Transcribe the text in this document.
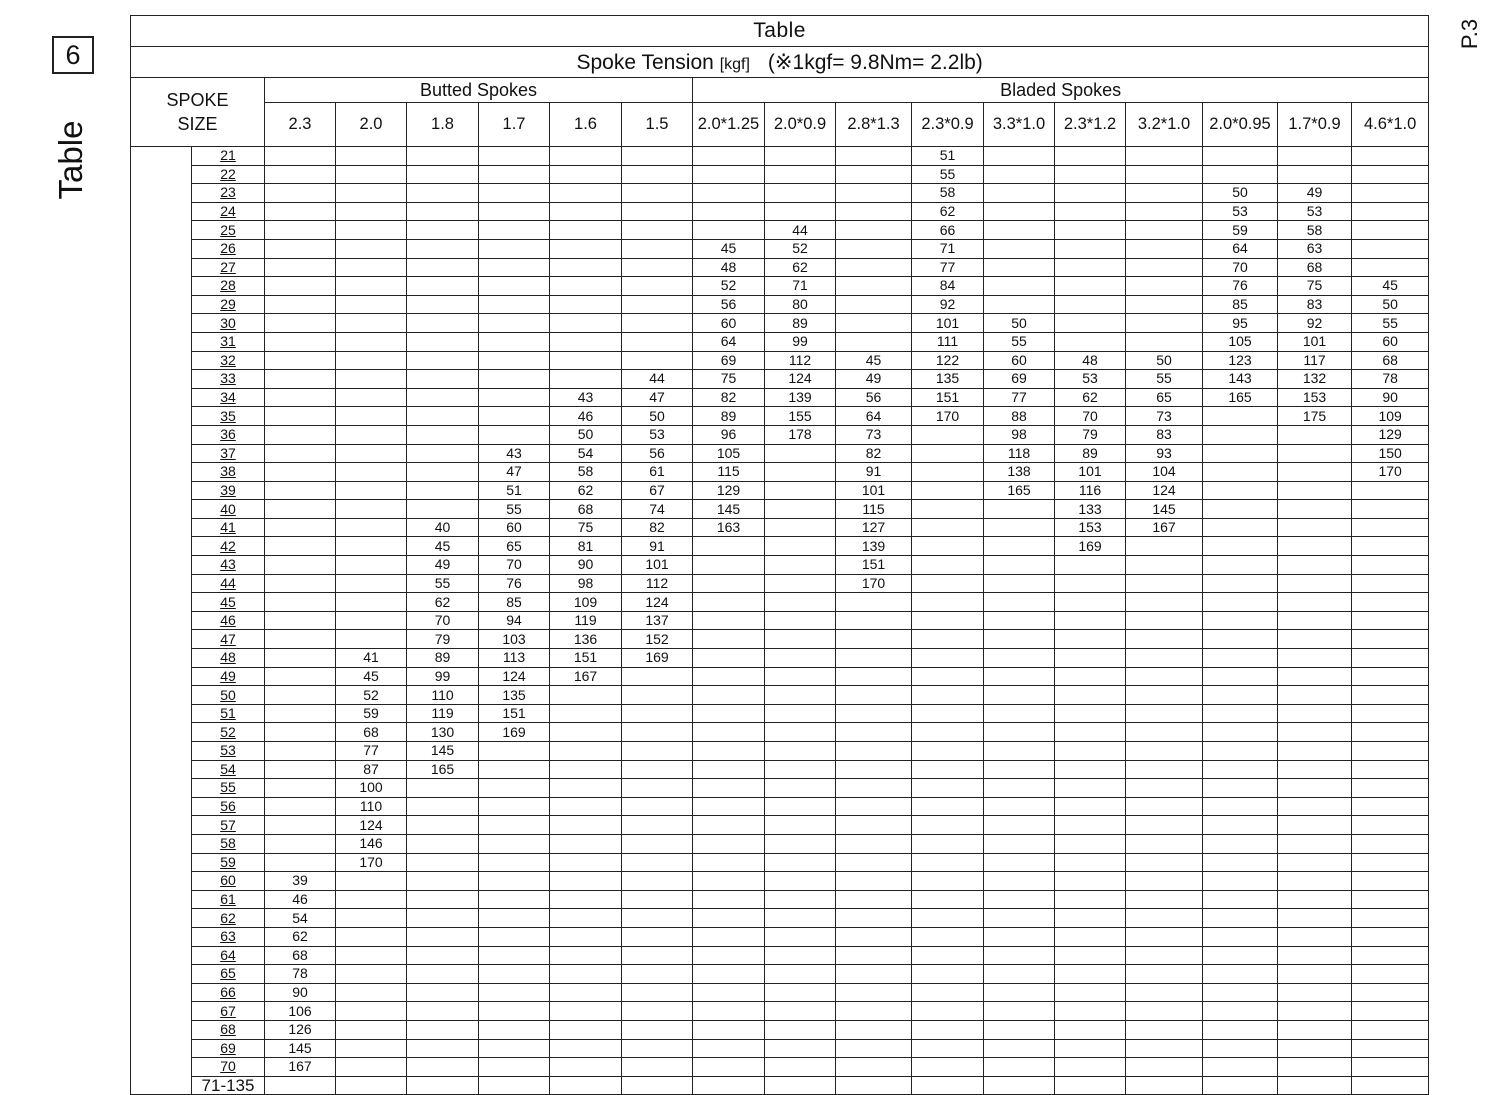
6
Table
P.3
Table																	
Spoke Tension [kgf] (※1kgf= 9.8Nm= 2.2lb)																	
SPOKE
SIZE		Butted Spokes						Bladed Spokes									
		2.3	2.0	1.8	1.7	1.6	1.5	2.0*1.25	2.0*0.9	2.8*1.3	2.3*0.9	3.3*1.0	2.3*1.2	3.2*1.0	2.0*0.95	1.7*0.9	4.6*1.0
	21										51						
	22										55						
	23										58				50	49	
	24										62				53	53	
	25								44		66				59	58	
	26							45	52		71				64	63	
	27							48	62		77				70	68	
	28							52	71		84				76	75	45
	29							56	80		92				85	83	50
	30							60	89		101	50			95	92	55
	31							64	99		111	55			105	101	60
	32							69	112	45	122	60	48	50	123	117	68
	33						44	75	124	49	135	69	53	55	143	132	78
	34					43	47	82	139	56	151	77	62	65	165	153	90
	35					46	50	89	155	64	170	88	70	73		175	109
	36					50	53	96	178	73		98	79	83			129
	37				43	54	56	105		82		118	89	93			150
	38				47	58	61	115		91		138	101	104			170
	39				51	62	67	129		101		165	116	124			
	40				55	68	74	145		115			133	145			
	41			40	60	75	82	163		127			153	167			
	42			45	65	81	91			139			169				
	43			49	70	90	101			151							
	44			55	76	98	112			170							
	45			62	85	109	124										
	46			70	94	119	137										
	47			79	103	136	152										
	48		41	89	113	151	169										
	49		45	99	124	167											
	50		52	110	135												
	51		59	119	151												
	52		68	130	169												
	53		77	145													
	54		87	165													
	55		100														
	56		110														
	57		124														
	58		146														
	59		170														
	60	39															
	61	46															
	62	54															
	63	62															
	64	68															
	65	78															
	66	90															
	67	106															
	68	126															
	69	145															
	70	167															
	71-135																
